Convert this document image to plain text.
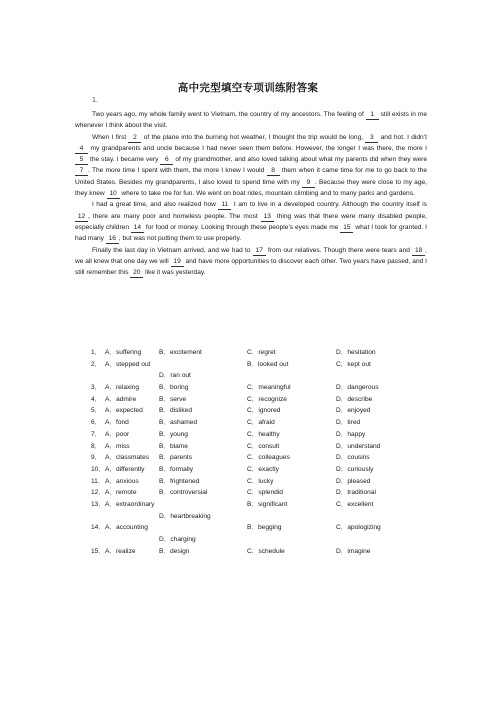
高中完型填空专项训练附答案
1.

Two years ago, my whole family went to Vietnam, the country of my ancestors. The feeling of 1 still exists in me whenever I think about the visit.

When I first 2 of the plane into the burning hot weather, I thought the trip would be long, 3 and hot. I didn’t 4 my grandparents and uncle because I had never seen them before. However, the longer I was there, the more I 5 the stay. I became very 6 of my grandmother, and also loved talking about what my parents did when they were 7 . The more time I spent with them, the more I knew I would 8 them when it came time for me to go back to the United States. Besides my grandparents, I also loved to spend time with my 9 . Because they were close to my age, they knew 10 where to take me for fun. We went on boat rides, mountain climbing and to many parks and gardens.

I had a great time, and also realized how 11 I am to live in a developed country. Although the country itself is 12 , there are many poor and homeless people. The most 13 thing was that there were many disabled people, especially children 14 for food or money. Looking through these people’s eyes made me 15 what I took for granted. I had many 16 , but was not putting them to use properly.

Finally the last day in Vietnam arrived, and we had to 17 from our relatives. Though there were tears and 18 , we all knew that one day we will 19 and have more opportunities to discover each other. Two years have passed, and I still remember this 20 like it was yesterday.

1． A．suffering	B．excitement	C．regret	D．hesitation
2． A．stepped out	B．looked out	C．kept out
D．ran out
3． A．relaxing	B．boring	C．meaningful	D．dangerous
4． A．admire	B．serve	C．recognize	D．describe
5． A．expected B．disliked	C．ignored	D．enjoyed
6． A．fond	B．ashamed	C．afraid	D．tired
7． A．poor	B．young	C．healthy	D．happy
8． A．miss	B．blame	C．consult	D．understand
9． A．classmates B．parents	C．colleagues	D．cousins
10． A．differently B．formally	C．exactly	D．curiously
11． A．anxious	B．frightened	C．lucky	D．pleased
12． A．remote	B．controversial	C．splendid	D．traditional
13． A．extraordinary	B．significant	C．excellent
D．heartbreaking
14． A．accounting	B．begging	C．apologizing
D．charging
15． A．realize	B．design	C．schedule	D．imagine
